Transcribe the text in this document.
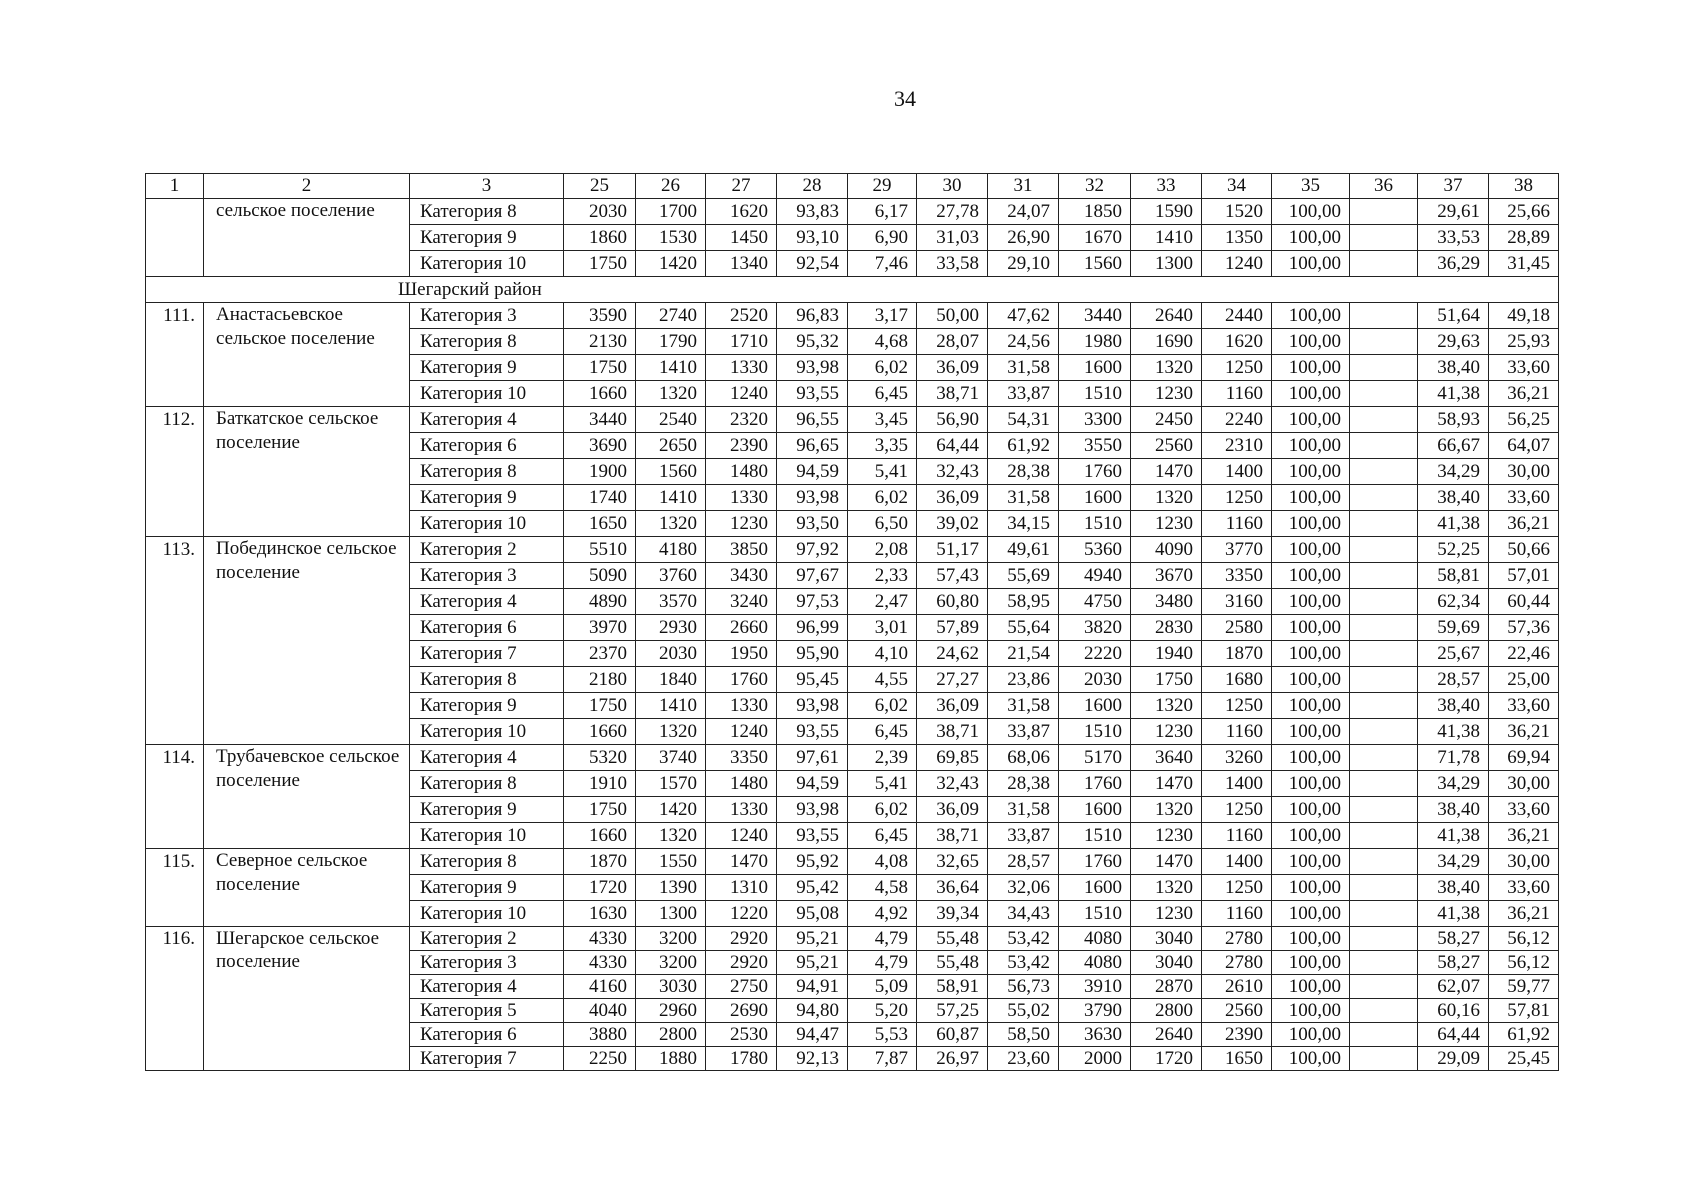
34
1	2	3	25	26	27	28	29	30	31	32	33	34	35	36	37	38
	сельское поселение	Категория 8	2030	1700	1620	93,83	6,17	27,78	24,07	1850	1590	1520	100,00		29,61	25,66
		Категория 9	1860	1530	1450	93,10	6,90	31,03	26,90	1670	1410	1350	100,00		33,53	28,89
		Категория 10	1750	1420	1340	92,54	7,46	33,58	29,10	1560	1300	1240	100,00		36,29	31,45
Шегарский район																
111.	Анастасьевское сельское поселение	Категория 3	3590	2740	2520	96,83	3,17	50,00	47,62	3440	2640	2440	100,00		51,64	49,18
		Категория 8	2130	1790	1710	95,32	4,68	28,07	24,56	1980	1690	1620	100,00		29,63	25,93
		Категория 9	1750	1410	1330	93,98	6,02	36,09	31,58	1600	1320	1250	100,00		38,40	33,60
		Категория 10	1660	1320	1240	93,55	6,45	38,71	33,87	1510	1230	1160	100,00		41,38	36,21
112.	Баткатское сельское поселение	Категория 4	3440	2540	2320	96,55	3,45	56,90	54,31	3300	2450	2240	100,00		58,93	56,25
		Категория 6	3690	2650	2390	96,65	3,35	64,44	61,92	3550	2560	2310	100,00		66,67	64,07
		Категория 8	1900	1560	1480	94,59	5,41	32,43	28,38	1760	1470	1400	100,00		34,29	30,00
		Категория 9	1740	1410	1330	93,98	6,02	36,09	31,58	1600	1320	1250	100,00		38,40	33,60
		Категория 10	1650	1320	1230	93,50	6,50	39,02	34,15	1510	1230	1160	100,00		41,38	36,21
113.	Побединское сельское поселение	Категория 2	5510	4180	3850	97,92	2,08	51,17	49,61	5360	4090	3770	100,00		52,25	50,66
		Категория 3	5090	3760	3430	97,67	2,33	57,43	55,69	4940	3670	3350	100,00		58,81	57,01
		Категория 4	4890	3570	3240	97,53	2,47	60,80	58,95	4750	3480	3160	100,00		62,34	60,44
		Категория 6	3970	2930	2660	96,99	3,01	57,89	55,64	3820	2830	2580	100,00		59,69	57,36
		Категория 7	2370	2030	1950	95,90	4,10	24,62	21,54	2220	1940	1870	100,00		25,67	22,46
		Категория 8	2180	1840	1760	95,45	4,55	27,27	23,86	2030	1750	1680	100,00		28,57	25,00
		Категория 9	1750	1410	1330	93,98	6,02	36,09	31,58	1600	1320	1250	100,00		38,40	33,60
		Категория 10	1660	1320	1240	93,55	6,45	38,71	33,87	1510	1230	1160	100,00		41,38	36,21
114.	Трубачевское сельское поселение	Категория 4	5320	3740	3350	97,61	2,39	69,85	68,06	5170	3640	3260	100,00		71,78	69,94
		Категория 8	1910	1570	1480	94,59	5,41	32,43	28,38	1760	1470	1400	100,00		34,29	30,00
		Категория 9	1750	1420	1330	93,98	6,02	36,09	31,58	1600	1320	1250	100,00		38,40	33,60
		Категория 10	1660	1320	1240	93,55	6,45	38,71	33,87	1510	1230	1160	100,00		41,38	36,21
115.	Северное сельское поселение	Категория 8	1870	1550	1470	95,92	4,08	32,65	28,57	1760	1470	1400	100,00		34,29	30,00
		Категория 9	1720	1390	1310	95,42	4,58	36,64	32,06	1600	1320	1250	100,00		38,40	33,60
		Категория 10	1630	1300	1220	95,08	4,92	39,34	34,43	1510	1230	1160	100,00		41,38	36,21
116.	Шегарское сельское поселение	Категория 2	4330	3200	2920	95,21	4,79	55,48	53,42	4080	3040	2780	100,00		58,27	56,12
		Категория 3	4330	3200	2920	95,21	4,79	55,48	53,42	4080	3040	2780	100,00		58,27	56,12
		Категория 4	4160	3030	2750	94,91	5,09	58,91	56,73	3910	2870	2610	100,00		62,07	59,77
		Категория 5	4040	2960	2690	94,80	5,20	57,25	55,02	3790	2800	2560	100,00		60,16	57,81
		Категория 6	3880	2800	2530	94,47	5,53	60,87	58,50	3630	2640	2390	100,00		64,44	61,92
		Категория 7	2250	1880	1780	92,13	7,87	26,97	23,60	2000	1720	1650	100,00		29,09	25,45
